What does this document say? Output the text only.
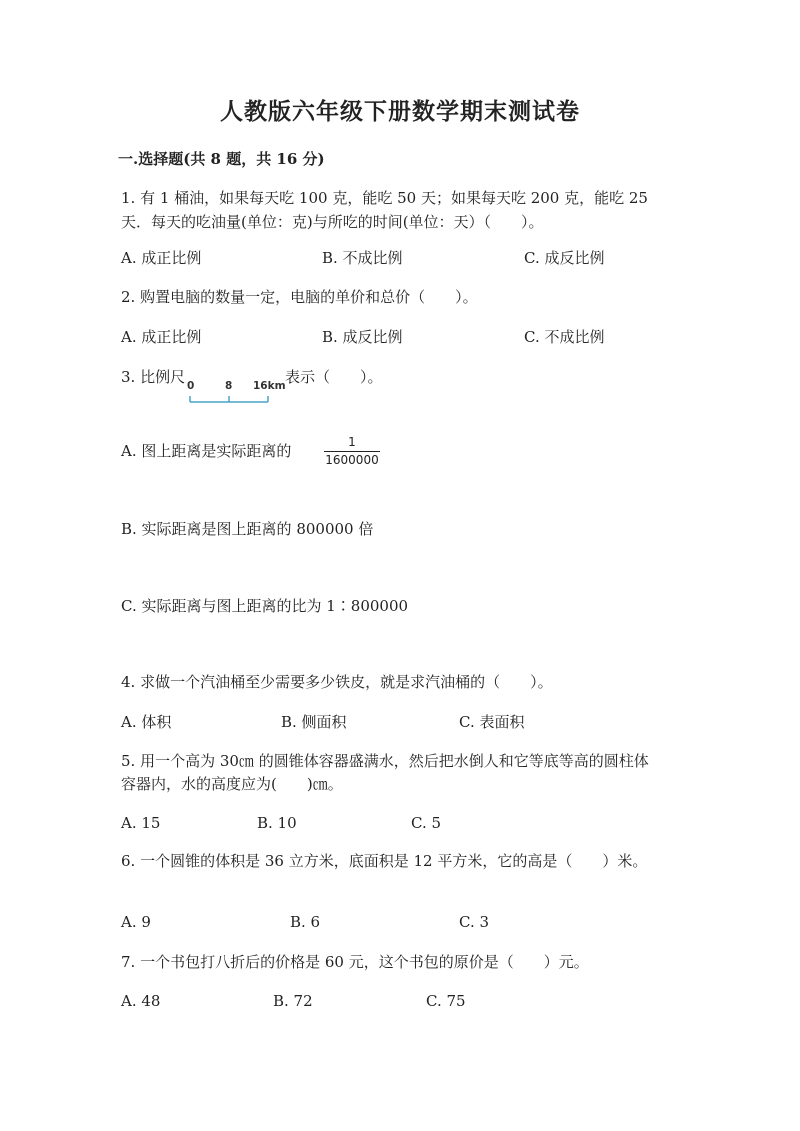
人教版六年级下册数学期末测试卷
一.选择题(共 8 题，共 16 分)
1. 有 1 桶油，如果每天吃 100 克，能吃 50 天；如果每天吃 200 克，能吃 25
天．每天的吃油量(单位：克)与所吃的时间(单位：天）（　　）。
A. 成正比例	B. 不成比例	C. 成反比例
2. 购置电脑的数量一定，电脑的单价和总价（　　）。
A. 成正比例	B. 成反比例	C. 不成比例
3. 比例尺 0	8 16km 表示（　　）。
A. 图上距离是实际距离的	1
1600000
B. 实际距离是图上距离的 800000 倍
C. 实际距离与图上距离的比为 1∶800000
4. 求做一个汽油桶至少需要多少铁皮，就是求汽油桶的（　　）。
A. 体积	B. 侧面积	C. 表面积
5. 用一个高为 30㎝ 的圆锥体容器盛满水，然后把水倒人和它等底等高的圆柱体
容器内，水的高度应为(　　)㎝。
A. 15	B. 10	C. 5
6. 一个圆锥的体积是 36 立方米，底面积是 12 平方米，它的高是（　　）米。
A. 9	B. 6	C. 3
7. 一个书包打八折后的价格是 60 元，这个书包的原价是（　　）元。
A. 48	B. 72	C. 75
